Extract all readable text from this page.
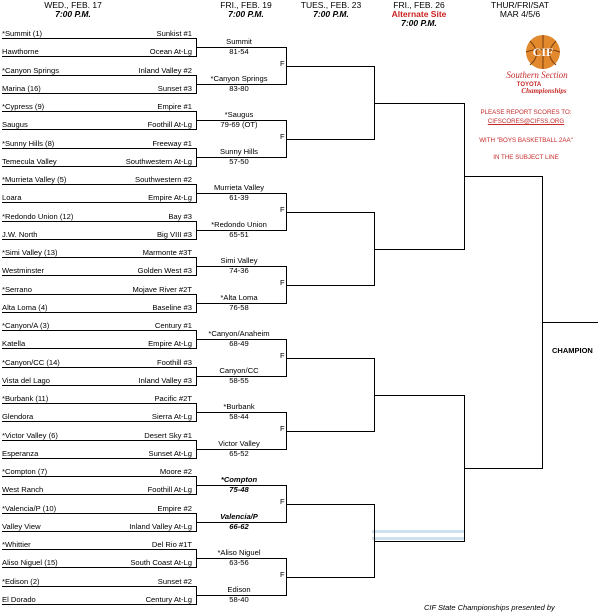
WED., FEB. 17
7:00 P.M.
FRI., FEB. 19
7:00 P.M.
TUES., FEB. 23
7:00 P.M.
FRI., FEB. 26
Alternate Site
7:00 P.M.
THUR/FRI/SAT
MAR 4/5/6
CIF
Southern Section
TOYOTA
Championships
PLEASE REPORT SCORES TO:
CIFSCORES@CIFSS.ORG
WITH "BOYS BASKETBALL 2AA"
IN THE SUBJECT LINE
CHAMPION
CIF State Championships presented by
*Summit (1)	Sunkist #1
Hawthorne	Ocean At-Lg
*Canyon Springs	Inland Valley #2
Marina (16)	Sunset #3
*Cypress (9)	Empire #1
Saugus	Foothill At-Lg
*Sunny Hills (8)	Freeway #1
Temecula Valley	Southwestern At-Lg
*Murrieta Valley (5)	Southwestern #2
Loara	Empire At-Lg
*Redondo Union (12)	Bay #3
J.W. North	Big VIII #3
*Simi Valley (13)	Marmonte #3T
Westminster	Golden West #3
*Serrano	Mojave River #2T
Alta Loma (4)	Baseline #3
*Canyon/A (3)	Century #1
Katella	Empire At-Lg
*Canyon/CC (14)	Foothill #3
Vista del Lago	Inland Valley #3
*Burbank (11)	Pacific #2T
Glendora	Sierra At-Lg
*Victor Valley (6)	Desert Sky #1
Esperanza	Sunset At-Lg
*Compton (7)	Moore #2
West Ranch	Foothill At-Lg
*Valencia/P (10)	Empire #2
Valley View	Inland Valley At-Lg
*Whittier	Del Rio #1T
Aliso Niguel (15)	South Coast At-Lg
*Edison (2)	Sunset #2
El Dorado	Century At-Lg
Summit
81-54
*Canyon Springs
83-80
*Saugus
79-69 (OT)
Sunny Hills
57-50
Murrieta Valley
61-39
*Redondo Union
65-51
Simi Valley
74-36
*Alta Loma
76-58
*Canyon/Anaheim
68-49
Canyon/CC
58-55
*Burbank
58-44
Victor Valley
65-52
*Compton
75-48
Valencia/P
66-62
*Aliso Niguel
63-56
Edison
58-40
F
F
F
F
F
F
F
F
